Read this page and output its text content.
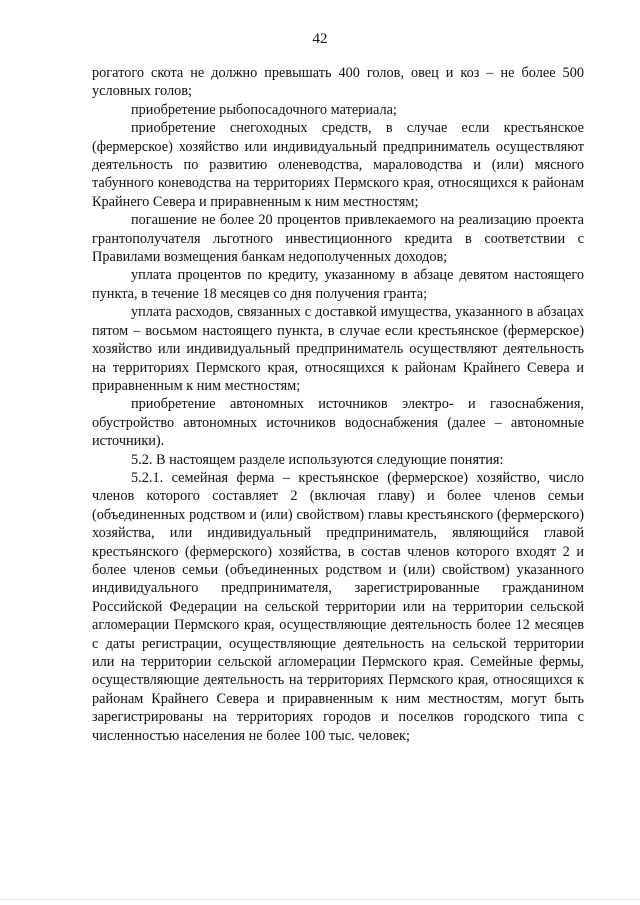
42

рогатого скота не должно превышать 400 голов, овец и коз – не более 500 условных голов;

приобретение рыбопосадочного материала;

приобретение снегоходных средств, в случае если крестьянское (фермерское) хозяйство или индивидуальный предприниматель осуществляют деятельность по развитию оленеводства, мараловодства и (или) мясного табунного коневодства на территориях Пермского края, относящихся к районам Крайнего Севера и приравненным к ним местностям;

погашение не более 20 процентов привлекаемого на реализацию проекта грантополучателя льготного инвестиционного кредита в соответствии с Правилами возмещения банкам недополученных доходов;

уплата процентов по кредиту, указанному в абзаце девятом настоящего пункта, в течение 18 месяцев со дня получения гранта;

уплата расходов, связанных с доставкой имущества, указанного в абзацах пятом – восьмом настоящего пункта, в случае если крестьянское (фермерское) хозяйство или индивидуальный предприниматель осуществляют деятельность на территориях Пермского края, относящихся к районам Крайнего Севера и приравненным к ним местностям;

приобретение автономных источников электро- и газоснабжения, обустройство автономных источников водоснабжения (далее – автономные источники).

5.2. В настоящем разделе используются следующие понятия:

5.2.1. семейная ферма – крестьянское (фермерское) хозяйство, число членов которого составляет 2 (включая главу) и более членов семьи (объединенных родством и (или) свойством) главы крестьянского (фермерского) хозяйства, или индивидуальный предприниматель, являющийся главой крестьянского (фермерского) хозяйства, в состав членов которого входят 2 и более членов семьи (объединенных родством и (или) свойством) указанного индивидуального предпринимателя, зарегистрированные гражданином Российской Федерации на сельской территории или на территории сельской агломерации Пермского края, осуществляющие деятельность более 12 месяцев с даты регистрации, осуществляющие деятельность на сельской территории или на территории сельской агломерации Пермского края. Семейные фермы, осуществляющие деятельность на территориях Пермского края, относящихся к районам Крайнего Севера и приравненным к ним местностям, могут быть зарегистрированы на территориях городов и поселков городского типа с численностью населения не более 100 тыс. человек;
